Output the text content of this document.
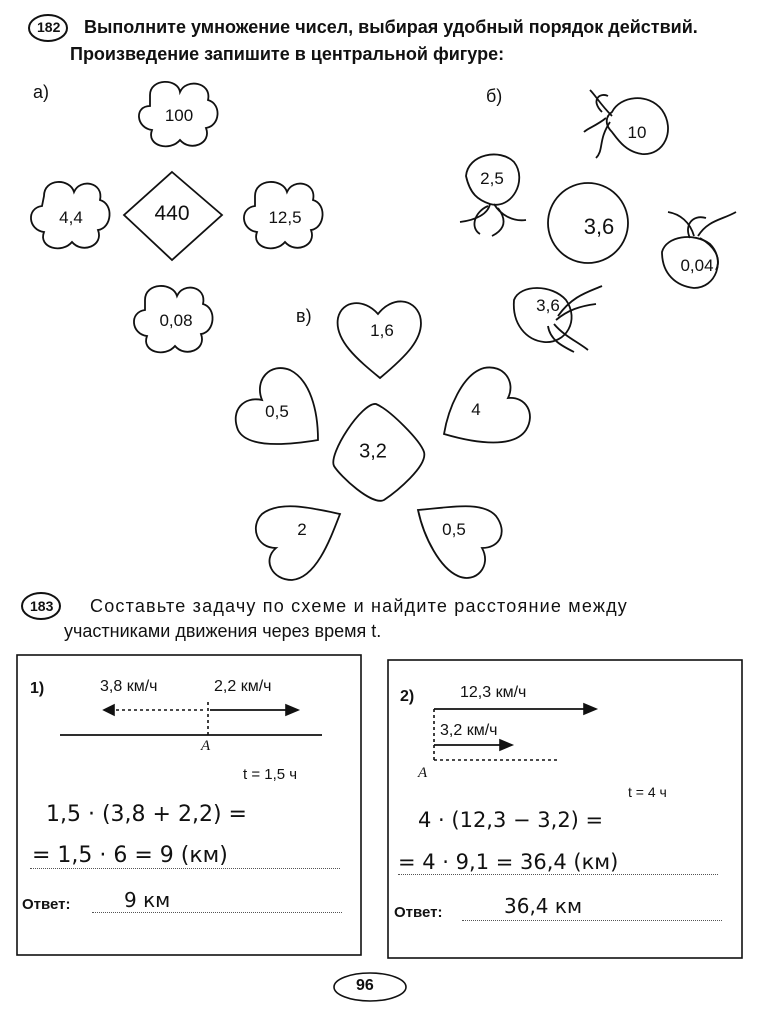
182 Выполните умножение чисел, выбирая удобный порядок действий.
Произведение запишите в центральной фигуре:
а)
100
4,4	12,5
0,08
440
б)
10
2,5
0,04
3,6
3,6
в)
1,6
0,5	4
2	0,5
3,2
183 Составьте задачу по схеме и найдите расстояние между
участниками движения через время t.
1)	3,8 км/ч	2,2 км/ч
A
t = 1,5 ч
1,5 · (3,8 + 2,2) =
= 1,5 · 6 = 9 (км)
Ответ:	9 км
2)	12,3 км/ч
3,2 км/ч
A
t = 4 ч
4 · (12,3 − 3,2) =
= 4 · 9,1 = 36,4 (км)
Ответ:	36,4 км
96
